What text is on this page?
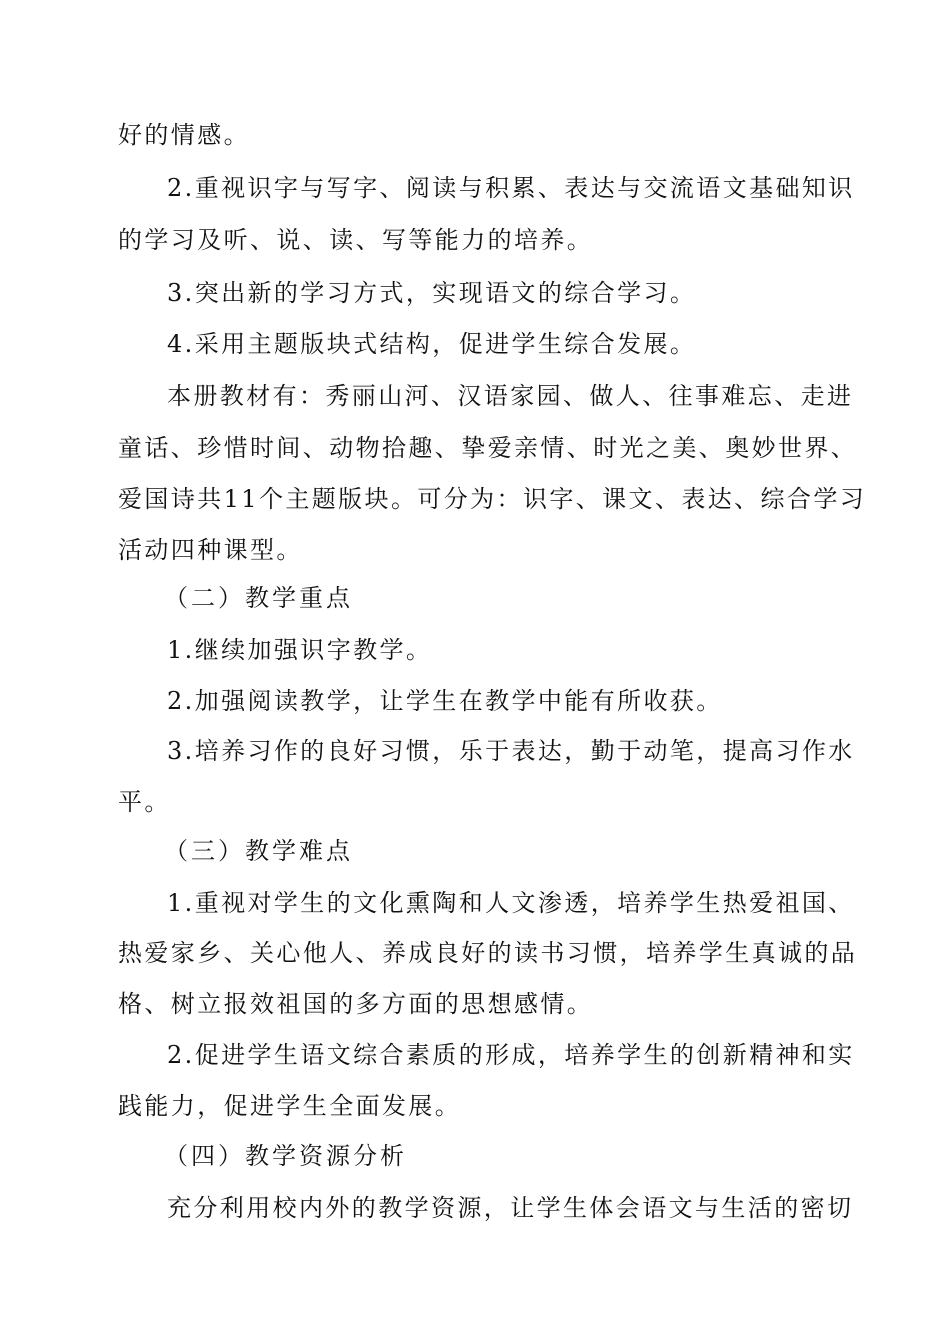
好的情感。
2.重视识字与写字、阅读与积累、表达与交流语文基础知识
的学习及听、说、读、写等能力的培养。
3.突出新的学习方式，实现语文的综合学习。
4.采用主题版块式结构，促进学生综合发展。
本册教材有：秀丽山河、汉语家园、做人、往事难忘、走进
童话、珍惜时间、动物拾趣、挚爱亲情、时光之美、奥妙世界、
爱国诗共11个主题版块。可分为：识字、课文、表达、综合学习
活动四种课型。
（二）教学重点
1.继续加强识字教学。
2.加强阅读教学，让学生在教学中能有所收获。
3.培养习作的良好习惯，乐于表达，勤于动笔，提高习作水
平。
（三）教学难点
1.重视对学生的文化熏陶和人文渗透，培养学生热爱祖国、
热爱家乡、关心他人、养成良好的读书习惯，培养学生真诚的品
格、树立报效祖国的多方面的思想感情。
2.促进学生语文综合素质的形成，培养学生的创新精神和实
践能力，促进学生全面发展。
（四）教学资源分析
充分利用校内外的教学资源，让学生体会语文与生活的密切
